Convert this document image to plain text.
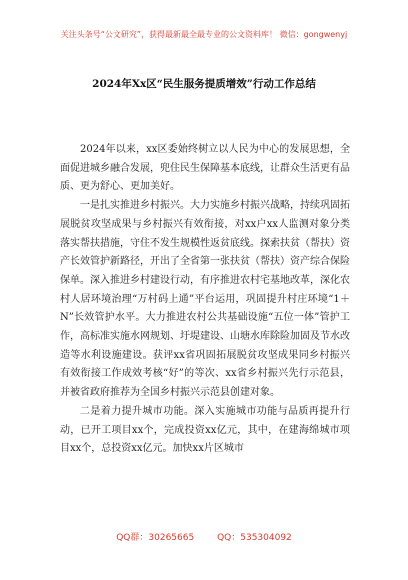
关注头条号“公文研究”，获得最新最全最专业的公文资料库！ 微信：gongwenyj
2024年Xx区“民生服务提质增效”行动工作总结

2024年以来，xx区委始终树立以人民为中心的发展思想，全面促进城乡融合发展，兜住民生保障基本底线，让群众生活更有品质、更为舒心、更加美好。

一是扎实推进乡村振兴。大力实施乡村振兴战略，持续巩固拓展脱贫攻坚成果与乡村振兴有效衔接，对xx户xx人监测对象分类落实帮扶措施，守住不发生规模性返贫底线。探索扶贫（帮扶）资产长效管护新路径，开出了全省第一张扶贫（帮扶）资产综合保险保单。深入推进乡村建设行动，有序推进农村宅基地改革，深化农村人居环境治理“万村码上通”平台运用，巩固提升村庄环境“1＋N”长效管护水平。大力推进农村公共基础设施“五位一体”管护工作，高标准实施水网规划、圩堤建设、山塘水库除险加固及节水改造等水利设施建设。获评xx省巩固拓展脱贫攻坚成果同乡村振兴有效衔接工作成效考核“好”的等次、xx省乡村振兴先行示范县，并被省政府推荐为全国乡村振兴示范县创建对象。

二是着力提升城市功能。深入实施城市功能与品质再提升行动，已开工项目xx个，完成投资xx亿元，其中，在建海绵城市项目xx个，总投资xx亿元。加快xx片区城市

QQ群：30265665	QQ：535304092
